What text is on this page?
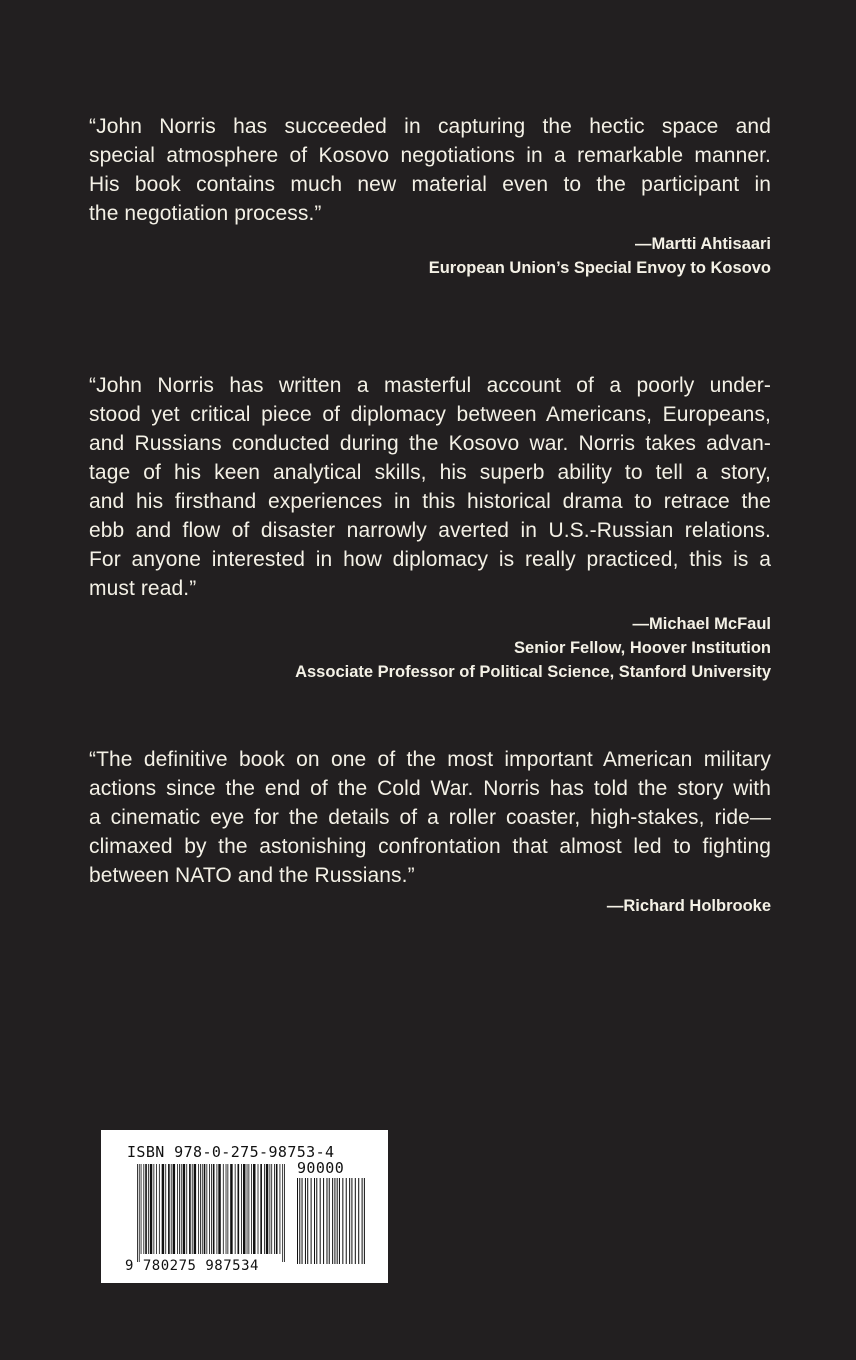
“John Norris has succeeded in capturing the hectic space and
special atmosphere of Kosovo negotiations in a remarkable manner.
His book contains much new material even to the participant in
the negotiation process.”

—Martti Ahtisaari
European Union’s Special Envoy to Kosovo

“John Norris has written a masterful account of a poorly under-
stood yet critical piece of diplomacy between Americans, Europeans,
and Russians conducted during the Kosovo war. Norris takes advan-
tage of his keen analytical skills, his superb ability to tell a story,
and his firsthand experiences in this historical drama to retrace the
ebb and flow of disaster narrowly averted in U.S.-Russian relations.
For anyone interested in how diplomacy is really practiced, this is a
must read.”

—Michael McFaul
Senior Fellow, Hoover Institution
Associate Professor of Political Science, Stanford University

“The definitive book on one of the most important American military
actions since the end of the Cold War. Norris has told the story with
a cinematic eye for the details of a roller coaster, high-stakes, ride—
climaxed by the astonishing confrontation that almost led to fighting
between NATO and the Russians.”

—Richard Holbrooke
ISBN 978-0-275-98753-4
90000
9 780275 987534
